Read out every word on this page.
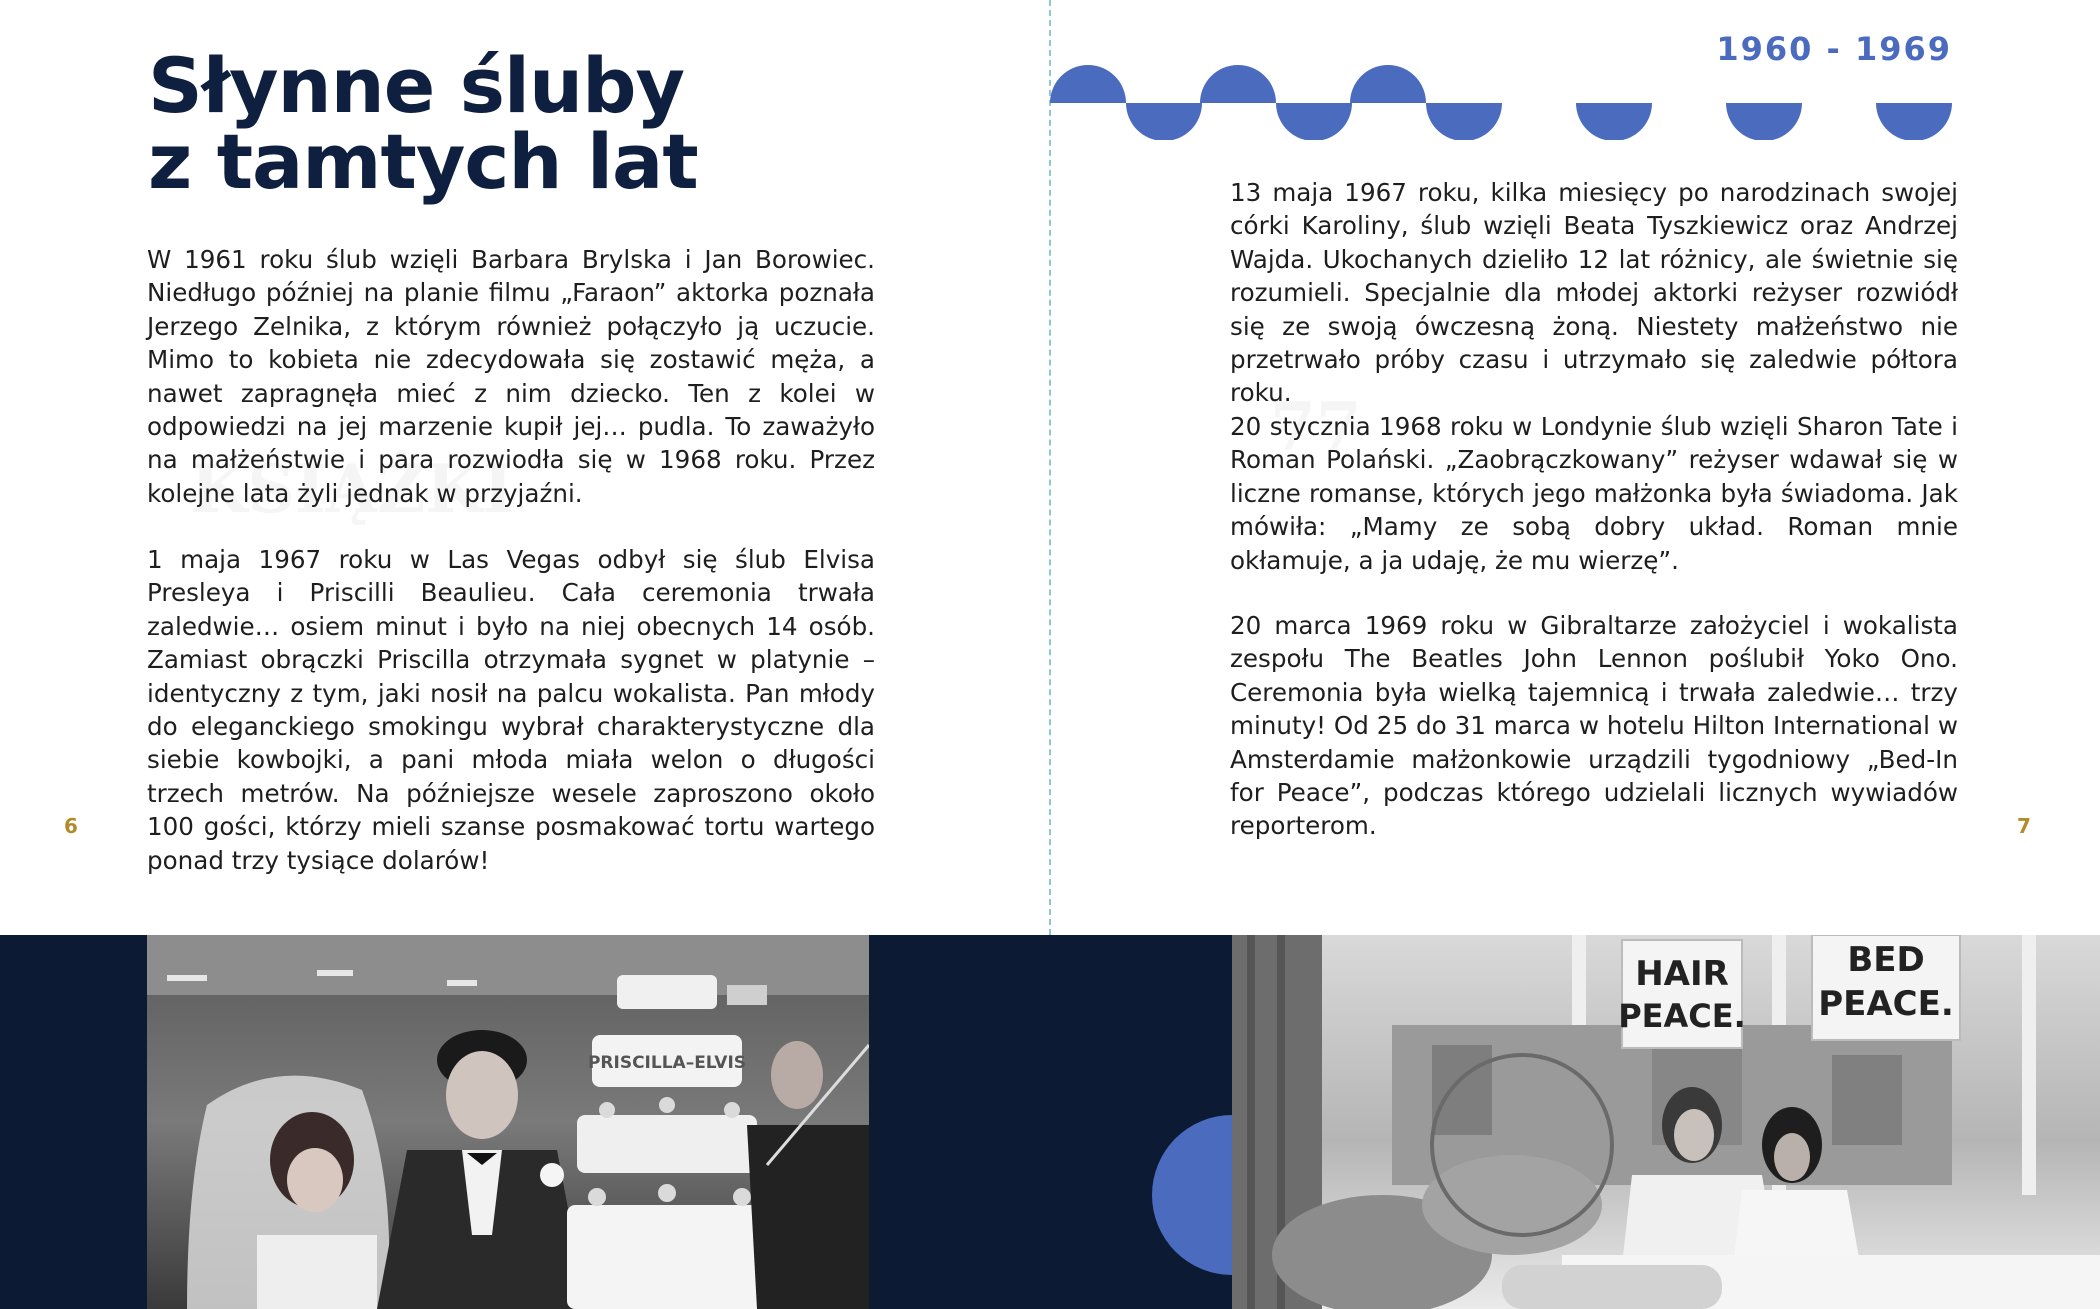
Słynne śluby
z tamtych lat

W 1961 roku ślub wzięli Barbara Brylska i Jan Borowiec. Niedługo później na planie filmu „Faraon” aktorka poznała Jerzego Zelnika, z którym również połączyło ją uczucie. Mimo to kobieta nie zdecydowała się zostawić męża, a nawet zapragnęła mieć z nim dziecko. Ten z kolei w odpowiedzi na jej marzenie kupił jej… pudla. To zaważyło na małżeństwie i para rozwiodła się w 1968 roku. Przez kolejne lata żyli jednak w przyjaźni.

1 maja 1967 roku w Las Vegas odbył się ślub Elvisa Presleya i Priscilli Beaulieu. Cała ceremonia trwała zaledwie… osiem minut i było na niej obecnych 14 osób. Zamiast obrączki Priscilla otrzymała sygnet w platynie – identyczny z tym, jaki nosił na palcu wokalista. Pan młody do eleganckiego smokingu wybrał charakterystyczne dla siebie kowbojki, a pani młoda miała welon o długości trzech metrów. Na późniejsze wesele zaproszono około 100 gości, którzy mieli szanse posmakować tortu wartego ponad trzy tysiące dolarów!

6
1960 - 1969

13 maja 1967 roku, kilka miesięcy po narodzinach swojej córki Karoliny, ślub wzięli Beata Tyszkiewicz oraz Andrzej Wajda. Ukochanych dzieliło 12 lat różnicy, ale świetnie się rozumieli. Specjalnie dla młodej aktorki reżyser rozwiódł się ze swoją ówczesną żoną. Niestety małżeństwo nie przetrwało próby czasu i utrzymało się zaledwie półtora roku.

20 stycznia 1968 roku w Londynie ślub wzięli Sharon Tate i Roman Polański. „Zaobrączkowany” reżyser wdawał się w liczne romanse, których jego małżonka była świadoma. Jak mówiła: „Mamy ze sobą dobry układ. Roman mnie okłamuje, a ja udaję, że mu wierzę”.

20 marca 1969 roku w Gibraltarze założyciel i wokalista zespołu The Beatles John Lennon poślubił Yoko Ono. Ceremonia była wielką tajemnicą i trwała zaledwie… trzy minuty! Od 25 do 31 marca w hotelu Hilton International w Amsterdamie małżonkowie urządzili tygodniowy „Bed-In for Peace”, podczas którego udzielali licznych wywiadów reporterom.	7
PRISCILLA–ELVIS
HAIR
PEACE.
BED
PEACE.
